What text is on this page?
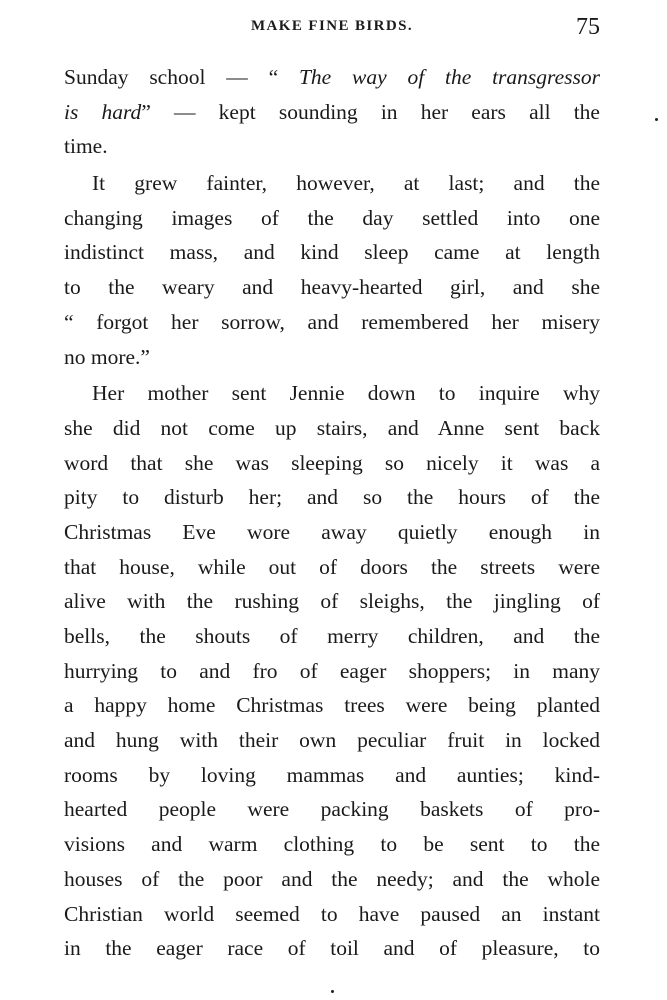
MAKE FINE BIRDS.	75
Sunday school — “ The way of the transgressor
is hard” — kept sounding in her ears all the
time.
It grew fainter, however, at last; and the
changing images of the day settled into one
indistinct mass, and kind sleep came at length
to the weary and heavy-hearted girl, and she
“ forgot her sorrow, and remembered her misery
no more.”
Her mother sent Jennie down to inquire why
she did not come up stairs, and Anne sent back
word that she was sleeping so nicely it was a
pity to disturb her; and so the hours of the
Christmas Eve wore away quietly enough in
that house, while out of doors the streets were
alive with the rushing of sleighs, the jingling of
bells, the shouts of merry children, and the
hurrying to and fro of eager shoppers; in many
a happy home Christmas trees were being planted
and hung with their own peculiar fruit in locked
rooms by loving mammas and aunties; kind-
hearted people were packing baskets of pro-
visions and warm clothing to be sent to the
houses of the poor and the needy; and the whole
Christian world seemed to have paused an instant
in the eager race of toil and of pleasure, to
